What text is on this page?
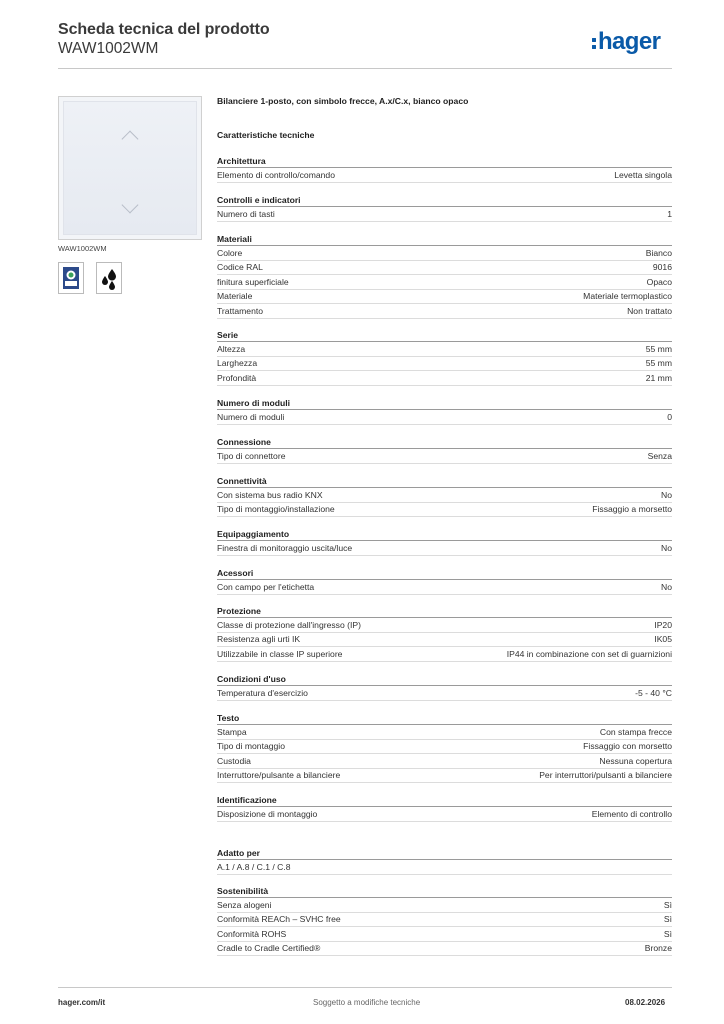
Scheda tecnica del prodotto
WAW1002WM	hager
WAW1002WM
Bilanciere 1-posto, con simbolo frecce, A.x/C.x, bianco opaco
Caratteristiche tecniche
Architettura
Elemento di controllo/comando	Levetta singola
Controlli e indicatori
Numero di tasti	1
Materiali
Colore	Bianco
Codice RAL	9016
finitura superficiale	Opaco
Materiale	Materiale termoplastico
Trattamento	Non trattato
Serie
Altezza	55 mm
Larghezza	55 mm
Profondità	21 mm
Numero di moduli
Numero di moduli	0
Connessione
Tipo di connettore	Senza
Connettività
Con sistema bus radio KNX	No
Tipo di montaggio/installazione	Fissaggio a morsetto
Equipaggiamento
Finestra di monitoraggio uscita/luce	No
Acessori
Con campo per l'etichetta	No
Protezione
Classe di protezione dall'ingresso (IP)	IP20
Resistenza agli urti IK	IK05
Utilizzabile in classe IP superiore	IP44 in combinazione con set di guarnizioni
Condizioni d'uso
Temperatura d'esercizio	-5 - 40 °C
Testo
Stampa	Con stampa frecce
Tipo di montaggio	Fissaggio con morsetto
Custodia	Nessuna copertura
Interruttore/pulsante a bilanciere	Per interruttori/pulsanti a bilanciere
Identificazione
Disposizione di montaggio	Elemento di controllo
Adatto per
A.1 / A.8 / C.1 / C.8
Sostenibilità
Senza alogeni	Sì
Conformità REACh – SVHC free	Sì
Conformità ROHS	Sì
Cradle to Cradle Certified®	Bronze
hager.com/it	Soggetto a modifiche tecniche	08.02.2026
